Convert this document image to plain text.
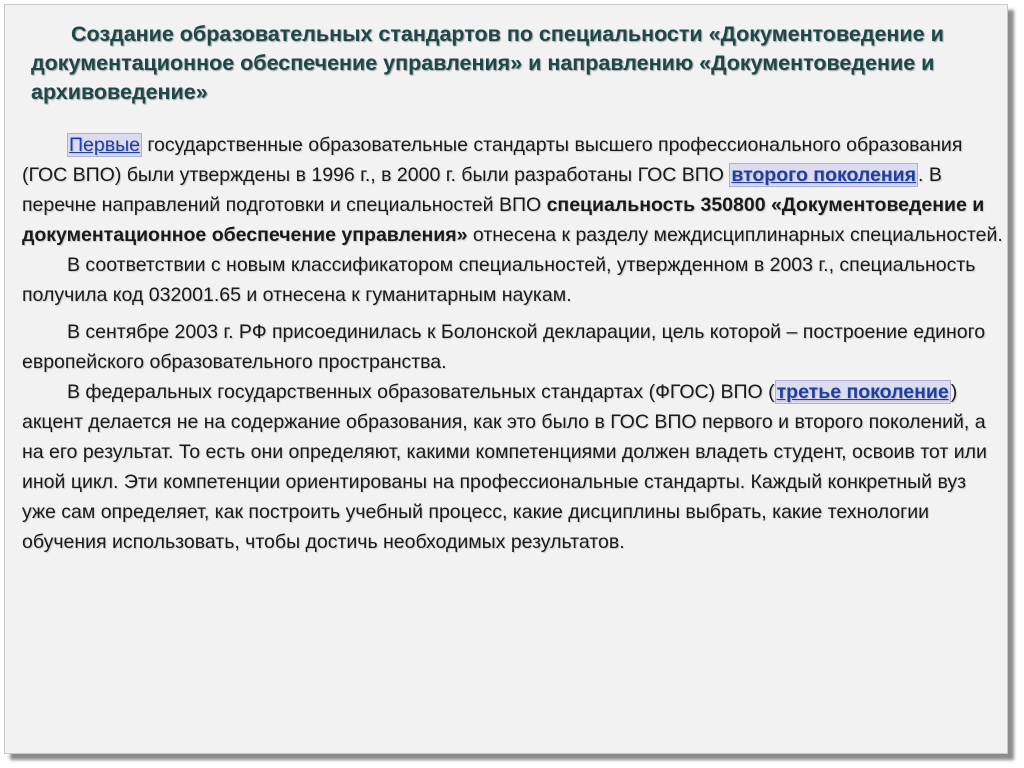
Создание образовательных стандартов по специальности «Документоведение и документационное обеспечение управления» и направлению «Документоведение и архивоведение»

Первые государственные образовательные стандарты высшего профессионального образования (ГОС ВПО) были утверждены в 1996 г., в 2000 г. были разработаны ГОС ВПО второго поколения . В перечне направлений подготовки и специальностей ВПО специальность 350800 «Документоведение и документационное обеспечение управления» отнесена к разделу междисциплинарных специальностей.

В соответствии с новым классификатором специальностей, утвержденном в 2003 г., специальность получила код 032001.65 и отнесена к гуманитарным наукам.

В сентябре 2003 г. РФ присоединилась к Болонской декларации, цель которой – построение единого европейского образовательного пространства.

В федеральных государственных образовательных стандартах (ФГОС) ВПО ( третье поколение ) акцент делается не на содержание образования, как это было в ГОС ВПО первого и второго поколений, а на его результат. То есть они определяют, какими компетенциями должен владеть студент, освоив тот или иной цикл. Эти компетенции ориентированы на профессиональные стандарты. Каждый конкретный вуз уже сам определяет, как построить учебный процесс, какие дисциплины выбрать, какие технологии обучения использовать, чтобы достичь необходимых результатов.
